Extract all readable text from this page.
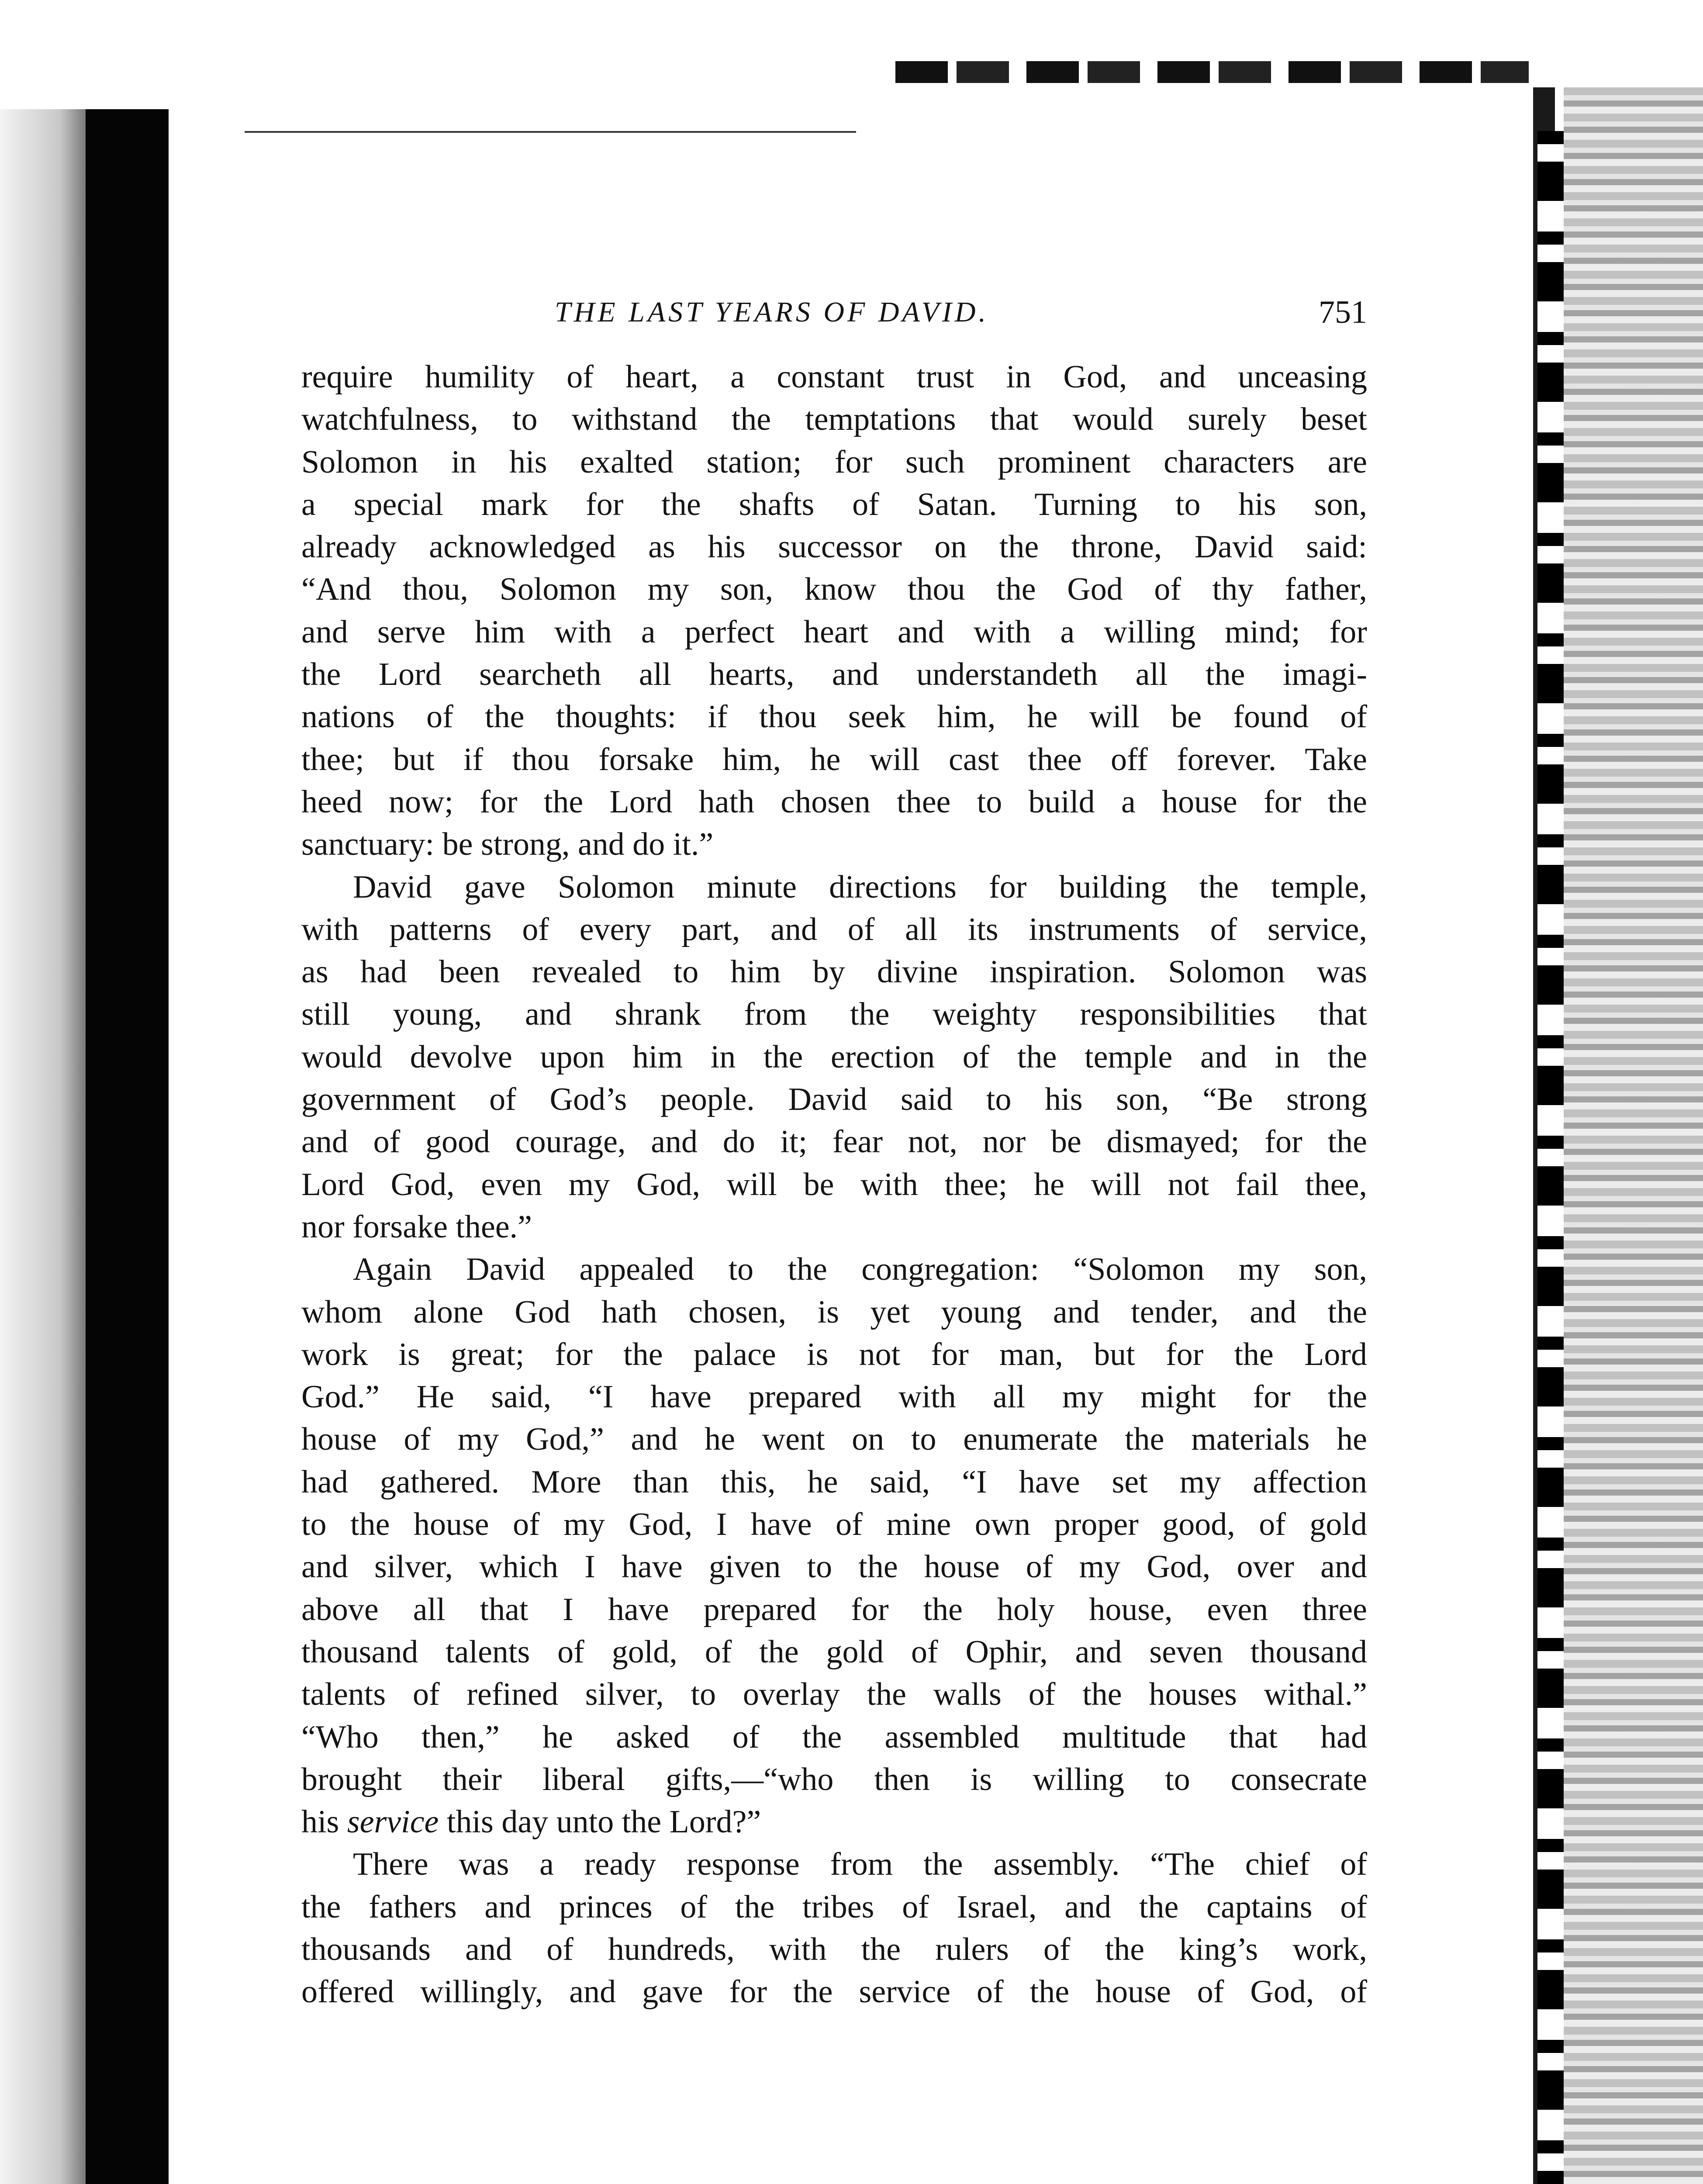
THE LAST YEARS OF DAVID.	751
require humility of heart, a constant trust in God, and unceasing
watchfulness, to withstand the temptations that would surely beset
Solomon in his exalted station; for such prominent characters are
a special mark for the shafts of Satan. Turning to his son,
already acknowledged as his successor on the throne, David said:
“And thou, Solomon my son, know thou the God of thy father,
and serve him with a perfect heart and with a willing mind; for
the Lord searcheth all hearts, and understandeth all the imagi-
nations of the thoughts: if thou seek him, he will be found of
thee; but if thou forsake him, he will cast thee off forever. Take
heed now; for the Lord hath chosen thee to build a house for the
sanctuary: be strong, and do it.”
David gave Solomon minute directions for building the temple,
with patterns of every part, and of all its instruments of service,
as had been revealed to him by divine inspiration. Solomon was
still young, and shrank from the weighty responsibilities that
would devolve upon him in the erection of the temple and in the
government of God’s people. David said to his son, “Be strong
and of good courage, and do it; fear not, nor be dismayed; for the
Lord God, even my God, will be with thee; he will not fail thee,
nor forsake thee.”
Again David appealed to the congregation: “Solomon my son,
whom alone God hath chosen, is yet young and tender, and the
work is great; for the palace is not for man, but for the Lord
God.” He said, “I have prepared with all my might for the
house of my God,” and he went on to enumerate the materials he
had gathered. More than this, he said, “I have set my affection
to the house of my God, I have of mine own proper good, of gold
and silver, which I have given to the house of my God, over and
above all that I have prepared for the holy house, even three
thousand talents of gold, of the gold of Ophir, and seven thousand
talents of refined silver, to overlay the walls of the houses withal.”
“Who then,” he asked of the assembled multitude that had
brought their liberal gifts,—“who then is willing to consecrate
his service this day unto the Lord?”
There was a ready response from the assembly. “The chief of
the fathers and princes of the tribes of Israel, and the captains of
thousands and of hundreds, with the rulers of the king’s work,
offered willingly, and gave for the service of the house of God, of
